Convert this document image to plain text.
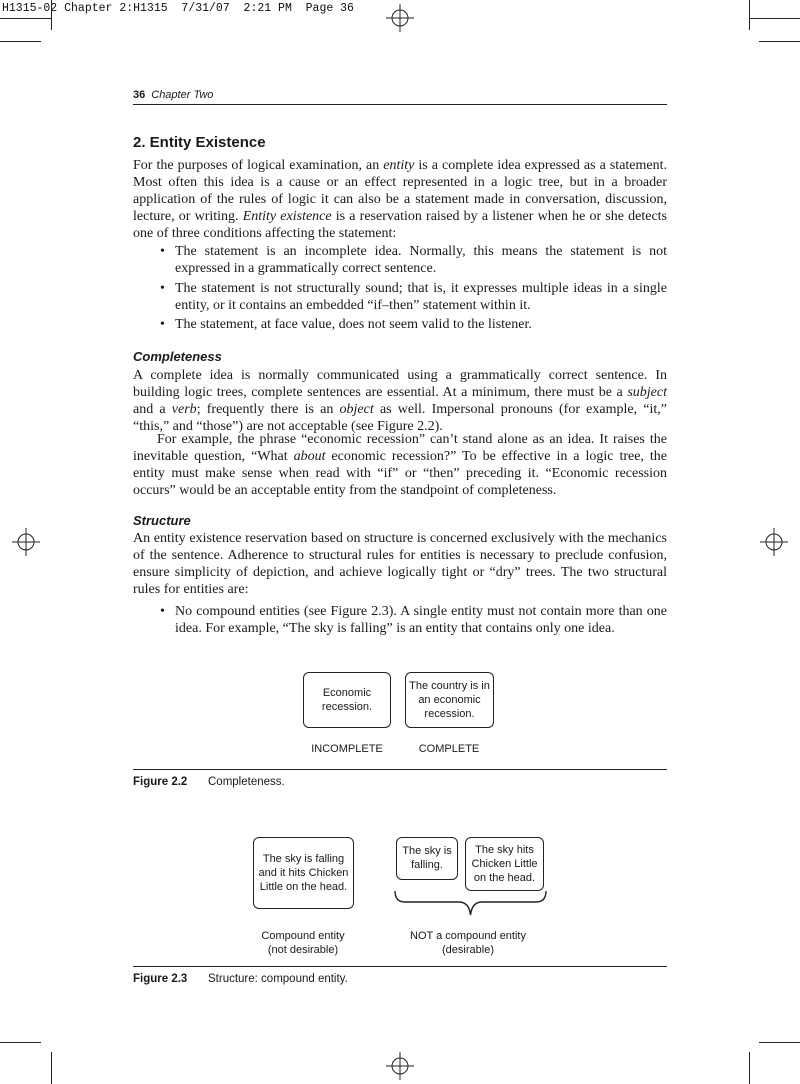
H1315-02 Chapter 2:H1315  7/31/07  2:21 PM  Page 36
36 Chapter Two
2. Entity Existence

For the purposes of logical examination, an entity is a complete idea expressed as a statement. Most often this idea is a cause or an effect represented in a logic tree, but in a broader application of the rules of logic it can also be a statement made in conversation, discussion, lecture, or writing. Entity existence is a reservation raised by a listener when he or she detects one of three conditions affecting the statement:

• The statement is an incomplete idea. Normally, this means the statement is not expressed in a grammatically correct sentence.
• The statement is not structurally sound; that is, it expresses multiple ideas in a single entity, or it contains an embedded “if–then” statement within it.
• The statement, at face value, does not seem valid to the listener.
Completeness

A complete idea is normally communicated using a grammatically correct sentence. In building logic trees, complete sentences are essential. At a minimum, there must be a subject and a verb; frequently there is an object as well. Impersonal pronouns (for example, “it,” “this,” and “those”) are not acceptable (see Figure 2.2).

For example, the phrase “economic recession” can’t stand alone as an idea. It raises the inevitable question, “What about economic recession?” To be effective in a logic tree, the entity must make sense when read with “if” or “then” preceding it. “Economic recession occurs” would be an acceptable entity from the standpoint of completeness.

Structure

An entity existence reservation based on structure is concerned exclusively with the mechanics of the sentence. Adherence to structural rules for entities is necessary to preclude confusion, ensure simplicity of depiction, and achieve logically tight or “dry” trees. The two structural rules for entities are:

• No compound entities (see Figure 2.3). A single entity must not contain more than one idea. For example, “The sky is falling” is an entity that contains only one idea.
Economic recession.
The country is in an economic recession.
INCOMPLETE	COMPLETE
Figure 2.2 Completeness.
The sky is falling and it hits Chicken Little on the head.
The sky is falling.
The sky hits Chicken Little on the head.
Compound entity
(not desirable)
NOT a compound entity
(desirable)
Figure 2.3 Structure: compound entity.
